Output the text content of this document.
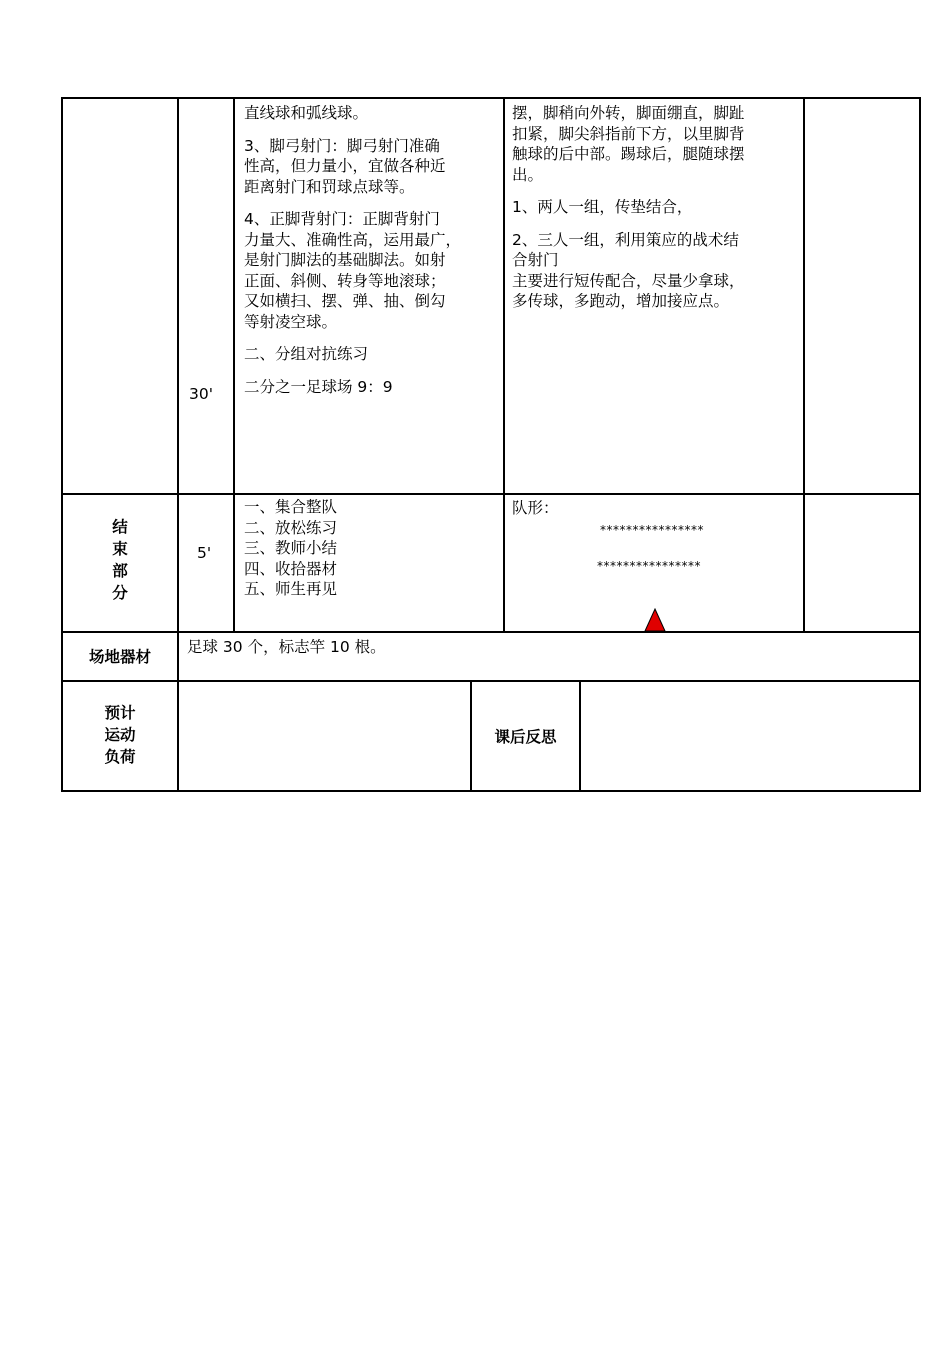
30'
直线球和弧线球。
3、脚弓射门：脚弓射门准确
性高，但力量小，宜做各种近
距离射门和罚球点球等。
4、正脚背射门：正脚背射门
力量大、准确性高，运用最广，
是射门脚法的基础脚法。如射
正面、斜侧、转身等地滚球；
又如横扫、摆、弹、抽、倒勾
等射凌空球。
二、分组对抗练习
二分之一足球场 9：9
摆，脚稍向外转，脚面绷直，脚趾
扣紧，脚尖斜指前下方，以里脚背
触球的后中部。踢球后，腿随球摆
出。
1、两人一组，传垫结合，
2、三人一组，利用策应的战术结
合射门
主要进行短传配合，尽量少拿球，
多传球，多跑动，增加接应点。
结
束
部
分
5'
一、集合整队
二、放松练习
三、教师小结
四、收拾器材
五、师生再见
队形：
****************
****************
场地器材
足球 30 个，标志竿 10 根。
预计
运动
负荷
课后反思
